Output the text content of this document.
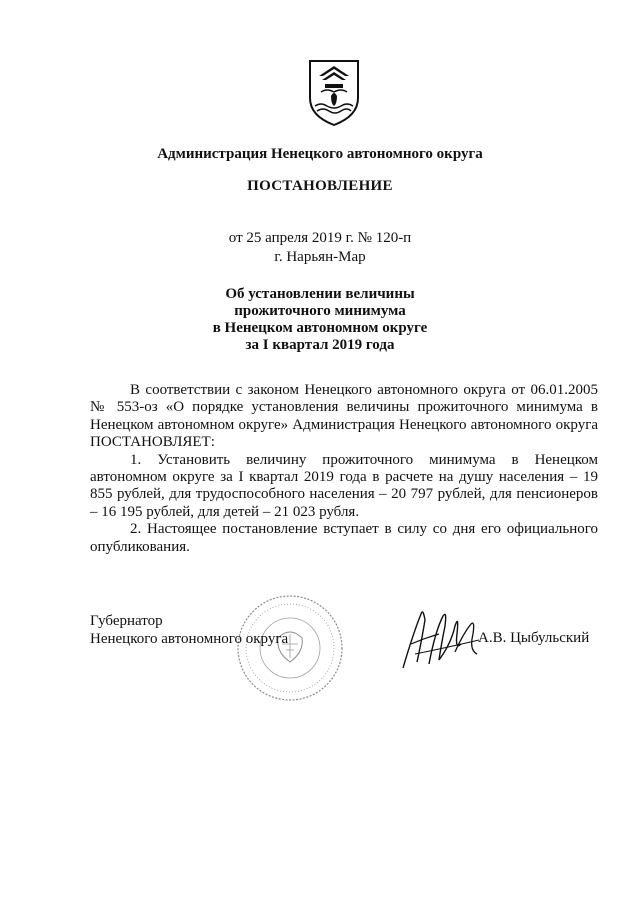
Администрация Ненецкого автономного округа
ПОСТАНОВЛЕНИЕ
от 25 апреля 2019 г. № 120-п
г. Нарьян-Мар
Об установлении величины
прожиточного минимума
в Ненецком автономном округе
за I квартал 2019 года

В соответствии с законом Ненецкого автономного округа от 06.01.2005 № 553-оз «О порядке установления величины прожиточного минимума в Ненецком автономном округе» Администрация Ненецкого автономного округа ПОСТАНОВЛЯЕТ:

1. Установить величину прожиточного минимума в Ненецком автономном округе за I квартал 2019 года в расчете на душу населения – 19 855 рублей, для трудоспособного населения – 20 797 рублей, для пенсионеров – 16 195 рублей, для детей – 21 023 рубля.

2. Настоящее постановление вступает в силу со дня его официального опубликования.

Губернатор
Ненецкого автономного округа	А.В. Цыбульский
